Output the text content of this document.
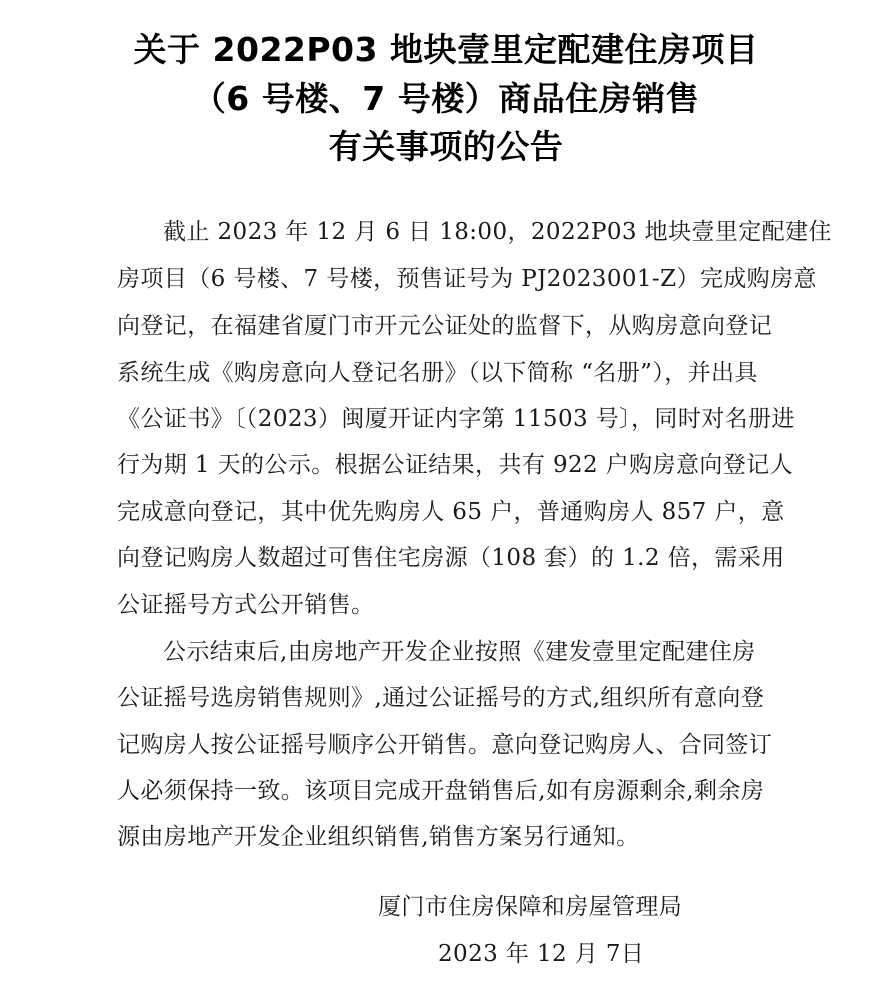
关于 2022P03 地块壹里定配建住房项目
（6 号楼、7 号楼）商品住房销售
有关事项的公告
截止 2023 年 12 月 6 日 18:00，2022P03 地块壹里定配建住
房项目（6 号楼、7 号楼，预售证号为 PJ2023001-Z）完成购房意
向登记，在福建省厦门市开元公证处的监督下，从购房意向登记
系统生成《购房意向人登记名册》（以下简称 “名册”），并出具
《公证书》〔（2023）闽厦开证内字第 11503 号〕，同时对名册进
行为期 1 天的公示。根据公证结果，共有 922 户购房意向登记人
完成意向登记，其中优先购房人 65 户，普通购房人 857 户，意
向登记购房人数超过可售住宅房源（108 套）的 1.2 倍，需采用
公证摇号方式公开销售。
公示结束后,由房地产开发企业按照《建发壹里定配建住房
公证摇号选房销售规则》,通过公证摇号的方式,组织所有意向登
记购房人按公证摇号顺序公开销售。意向登记购房人、合同签订
人必须保持一致。该项目完成开盘销售后,如有房源剩余,剩余房
源由房地产开发企业组织销售,销售方案另行通知。
厦门市住房保障和房屋管理局
2023 年 12 月 7日
